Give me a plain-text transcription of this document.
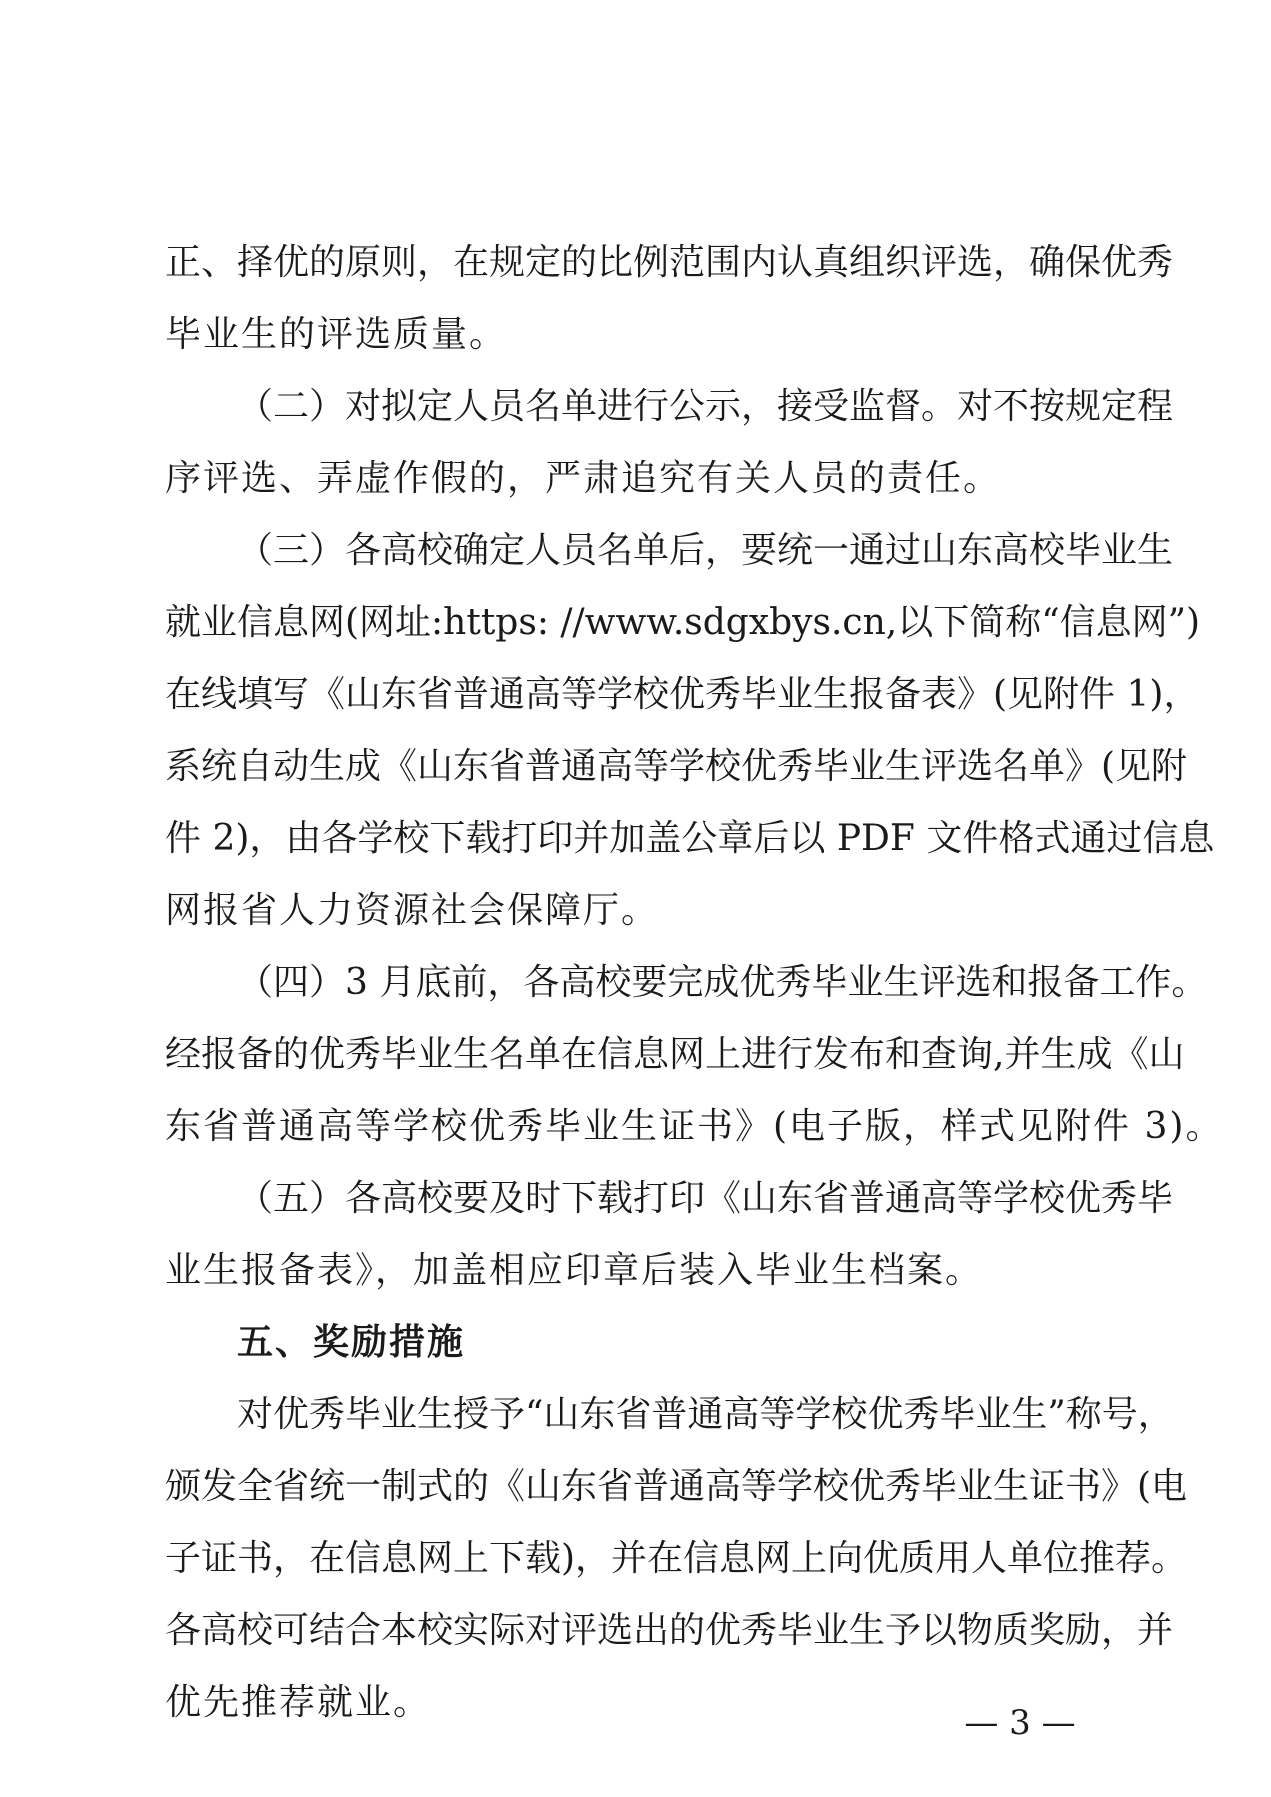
正、择优的原则，在规定的比例范围内认真组织评选，确保优秀
毕业生的评选质量。
（二）对拟定人员名单进行公示，接受监督。对不按规定程
序评选、弄虚作假的，严肃追究有关人员的责任。
（三）各高校确定人员名单后，要统一通过山东高校毕业生
就业信息网(网址:https: //www.sdgxbys.cn,以下简称“信息网”)
在线填写《山东省普通高等学校优秀毕业生报备表》(见附件 1)，
系统自动生成《山东省普通高等学校优秀毕业生评选名单》(见附
件 2)，由各学校下载打印并加盖公章后以 PDF 文件格式通过信息
网报省人力资源社会保障厅。
（四）3 月底前，各高校要完成优秀毕业生评选和报备工作。
经报备的优秀毕业生名单在信息网上进行发布和查询,并生成《山
东省普通高等学校优秀毕业生证书》(电子版，样式见附件 3)。
（五）各高校要及时下载打印《山东省普通高等学校优秀毕
业生报备表》，加盖相应印章后装入毕业生档案。
五、奖励措施
对优秀毕业生授予“山东省普通高等学校优秀毕业生”称号，
颁发全省统一制式的《山东省普通高等学校优秀毕业生证书》(电
子证书，在信息网上下载)，并在信息网上向优质用人单位推荐。
各高校可结合本校实际对评选出的优秀毕业生予以物质奖励，并
优先推荐就业。	— 3 —
